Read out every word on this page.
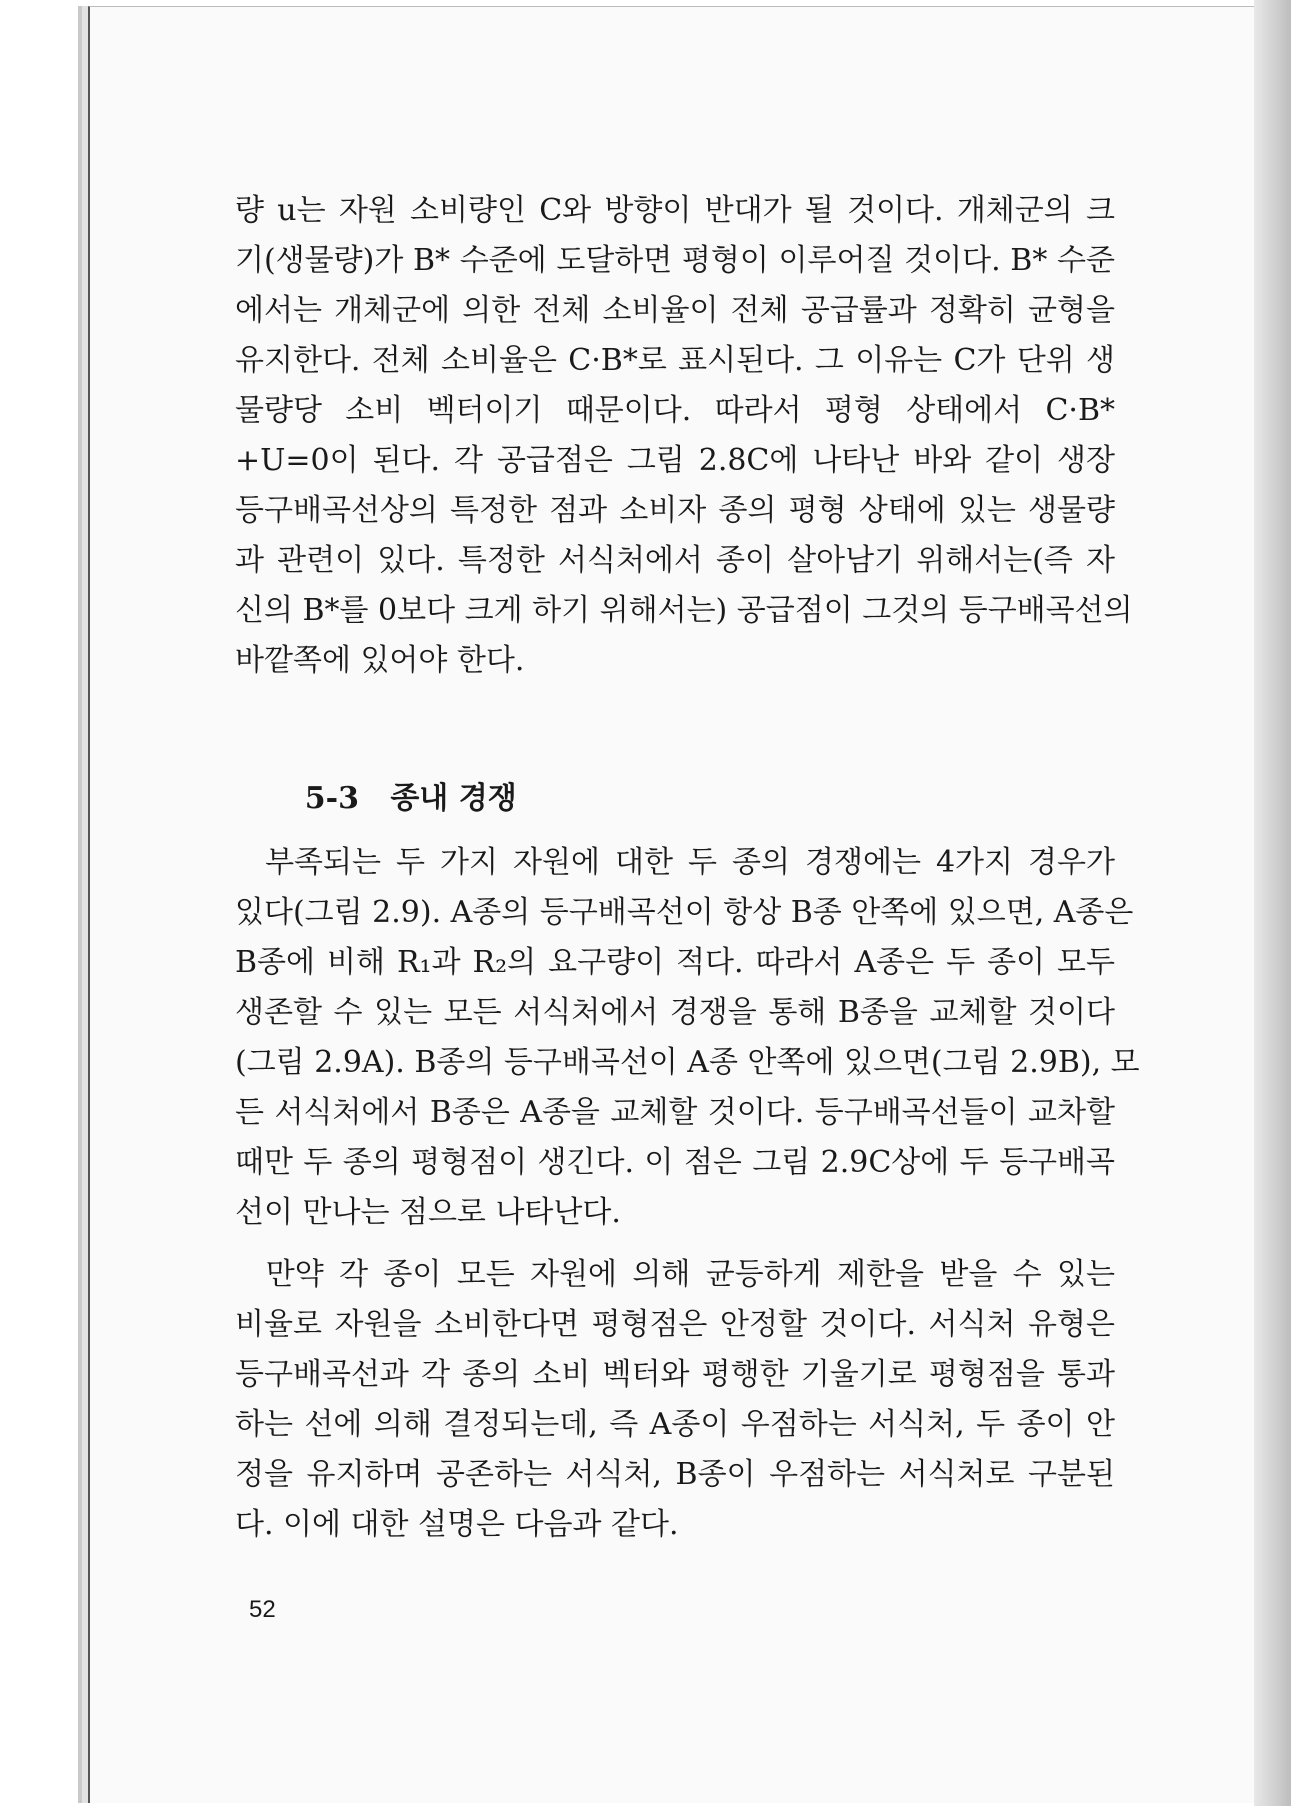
량 u는 자원 소비량인 C와 방향이 반대가 될 것이다. 개체군의 크
기(생물량)가 B* 수준에 도달하면 평형이 이루어질 것이다. B* 수준
에서는 개체군에 의한 전체 소비율이 전체 공급률과 정확히 균형을
유지한다. 전체 소비율은 C·B*로 표시된다. 그 이유는 C가 단위 생
물량당 소비 벡터이기 때문이다. 따라서 평형 상태에서 C·B*
+U=0이 된다. 각 공급점은 그림 2.8C에 나타난 바와 같이 생장
등구배곡선상의 특정한 점과 소비자 종의 평형 상태에 있는 생물량
과 관련이 있다. 특정한 서식처에서 종이 살아남기 위해서는(즉 자
신의 B*를 0보다 크게 하기 위해서는) 공급점이 그것의 등구배곡선의
바깥쪽에 있어야 한다.

5-3 종내 경쟁

부족되는 두 가지 자원에 대한 두 종의 경쟁에는 4가지 경우가
있다(그림 2.9). A종의 등구배곡선이 항상 B종 안쪽에 있으면, A종은
B종에 비해 R₁과 R₂의 요구량이 적다. 따라서 A종은 두 종이 모두
생존할 수 있는 모든 서식처에서 경쟁을 통해 B종을 교체할 것이다
(그림 2.9A). B종의 등구배곡선이 A종 안쪽에 있으면(그림 2.9B), 모
든 서식처에서 B종은 A종을 교체할 것이다. 등구배곡선들이 교차할
때만 두 종의 평형점이 생긴다. 이 점은 그림 2.9C상에 두 등구배곡
선이 만나는 점으로 나타난다.
만약 각 종이 모든 자원에 의해 균등하게 제한을 받을 수 있는
비율로 자원을 소비한다면 평형점은 안정할 것이다. 서식처 유형은
등구배곡선과 각 종의 소비 벡터와 평행한 기울기로 평형점을 통과
하는 선에 의해 결정되는데, 즉 A종이 우점하는 서식처, 두 종이 안
정을 유지하며 공존하는 서식처, B종이 우점하는 서식처로 구분된
다. 이에 대한 설명은 다음과 같다.
52
